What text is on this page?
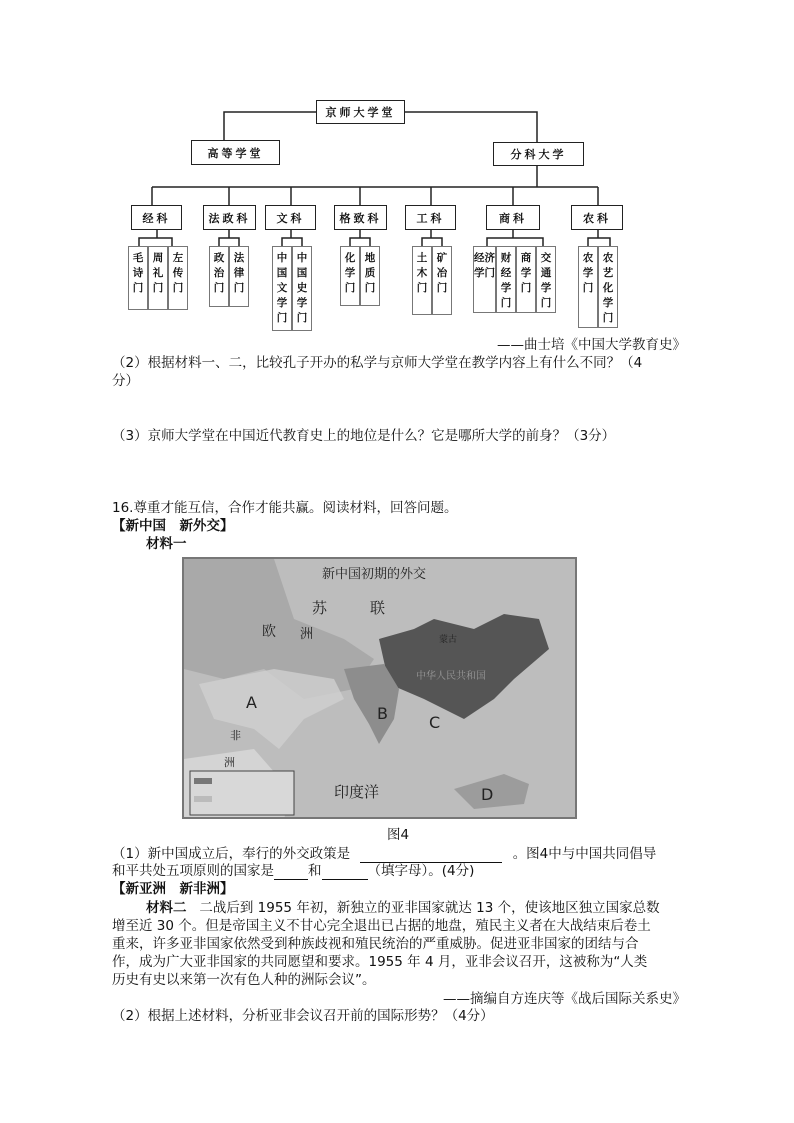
京师大学堂
高等学堂	分科大学
经科	法政科	文科	格致科	工科	商科	农科
毛诗门
周礼门
左传门
政治门
法律门
中国文学门
中国史学门
化学门
地质门
土木门
矿冶门
经济学门
财经学门
商学门
交通学门
农学门
农艺化学门
——曲士培《中国大学教育史》
（2）根据材料一、二，比较孔子开办的私学与京师大学堂在教学内容上有什么不同？（4
分）
（3）京师大学堂在中国近代教育史上的地位是什么？它是哪所大学的前身？（3分）
16.尊重才能互信，合作才能共赢。阅读材料，回答问题。
【新中国　新外交】
材料一
新中国初期的外交
苏	联
欧 洲	蒙古
中华人民共和国
印度洋
非
洲
A
B	C
D
图4
（1）新中国成立后，奉行的外交政策是	。图4中与中国共同倡导
和平共处五项原则的国家是	和	（填字母）。(4分)
【新亚洲　新非洲】
材料二 二战后到 1955 年初，新独立的亚非国家就达 13 个，使该地区独立国家总数
增至近 30 个。但是帝国主义不甘心完全退出已占据的地盘，殖民主义者在大战结束后卷土
重来，许多亚非国家依然受到种族歧视和殖民统治的严重威胁。促进亚非国家的团结与合
作，成为广大亚非国家的共同愿望和要求。1955 年 4 月，亚非会议召开，这被称为“人类
历史有史以来第一次有色人种的洲际会议”。
——摘编自方连庆等《战后国际关系史》
（2）根据上述材料，分析亚非会议召开前的国际形势？（4分）
